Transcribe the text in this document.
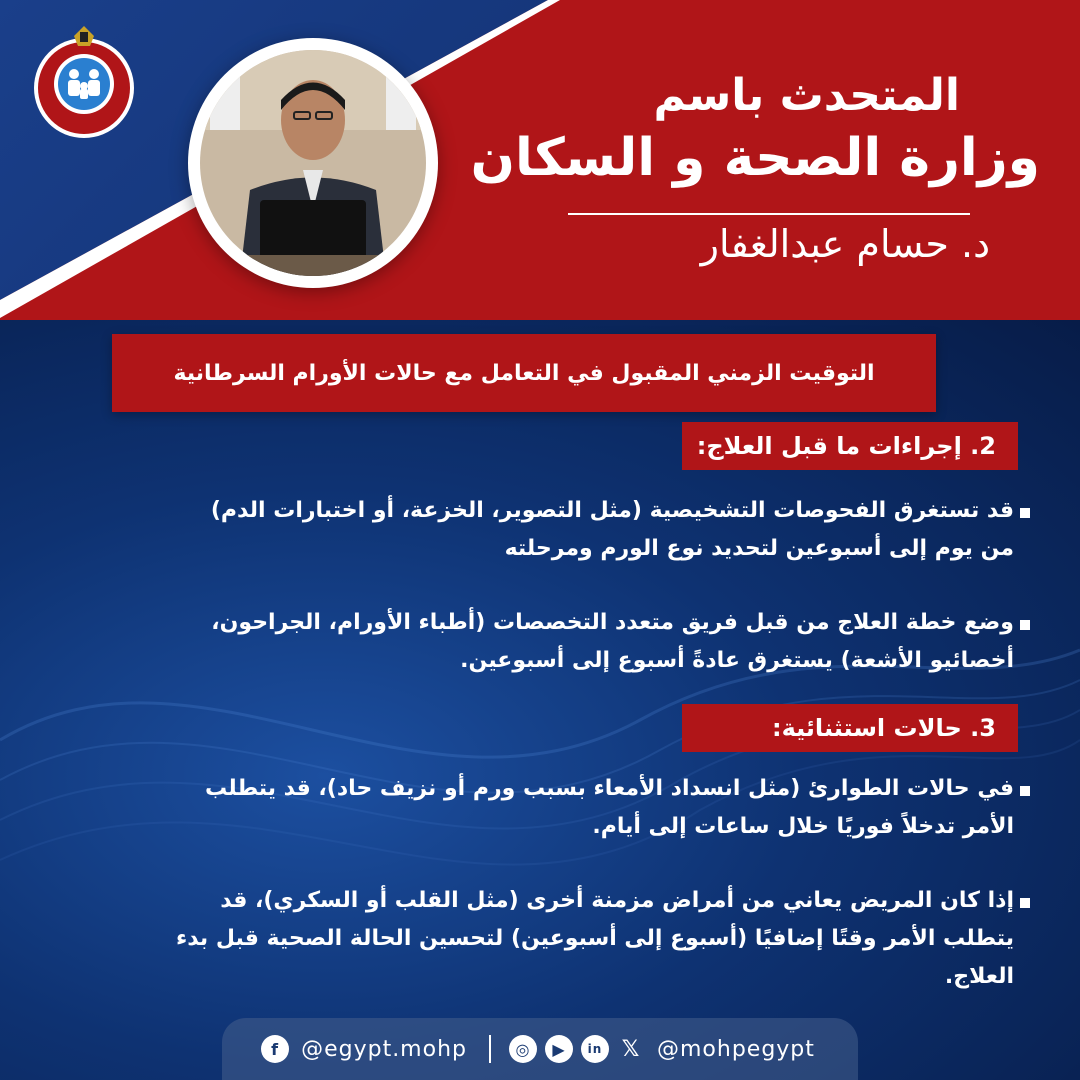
المتحدث باسم
وزارة الصحة و السكان
د. حسام عبدالغفار
التوقيت الزمني المقبول في التعامل مع حالات الأورام السرطانية
2. إجراءات ما قبل العلاج:
قد تستغرق الفحوصات التشخيصية (مثل التصوير، الخزعة، أو اختبارات الدم)
من يوم إلى أسبوعين لتحديد نوع الورم ومرحلته
وضع خطة العلاج من قبل فريق متعدد التخصصات (أطباء الأورام، الجراحون،
أخصائيو الأشعة) يستغرق عادةً أسبوع إلى أسبوعين.
3. حالات استثنائية:
في حالات الطوارئ (مثل انسداد الأمعاء بسبب ورم أو نزيف حاد)، قد يتطلب
الأمر تدخلاً فوريًا خلال ساعات إلى أيام.
إذا كان المريض يعاني من أمراض مزمنة أخرى (مثل القلب أو السكري)، قد
يتطلب الأمر وقتًا إضافيًا (أسبوع إلى أسبوعين) لتحسين الحالة الصحية قبل بدء
العلاج.
f	@egypt.mohp	◎	▶	in 𝕏 @mohpegypt
